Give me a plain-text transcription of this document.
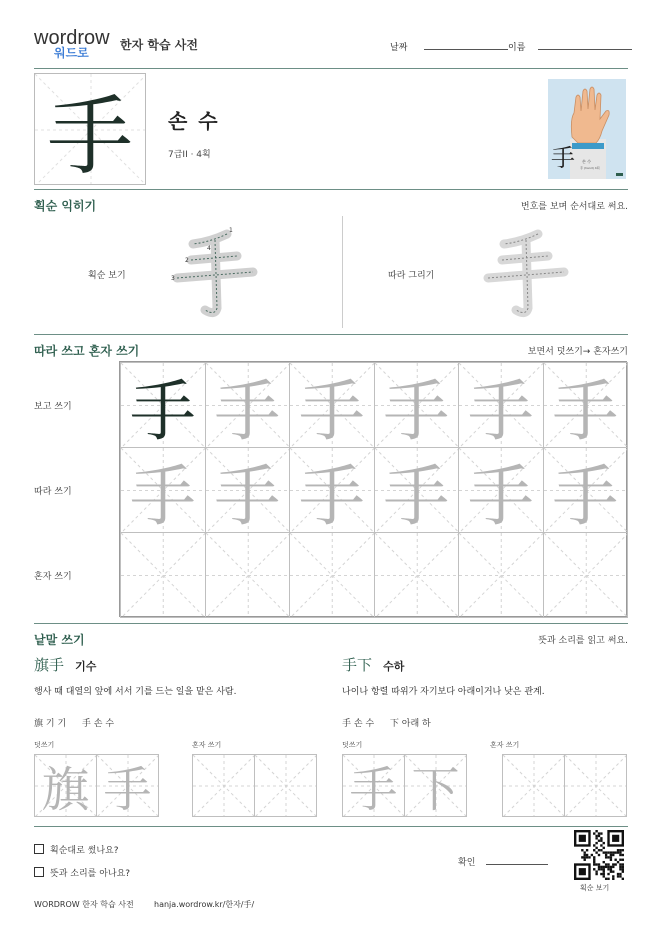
wordrow
워드로
한자 학습 사전	날짜	이름
手	손 수
7급II · 4획	手 손 수
手 (hand) 4획
획순 익히기	번호를 보며 순서대로 써요.
획순 보기
1
2
3
4
따라 그리기
따라 쓰고 혼자 쓰기	보면서 덧쓰기→ 혼자쓰기
보고 쓰기
따라 쓰기
혼자 쓰기
手 手 手 手 手 手
手 手 手 手 手 手
낱말 쓰기	뜻과 소리를 읽고 써요.
旗手 기수
행사 때 대열의 앞에 서서 기를 드는 일을 맡은 사람.
旗 기 기 手 손 수
덧쓰기	혼자 쓰기
手下 수하
나이나 항렬 따위가 자기보다 아래이거나 낮은 관계.
手 손 수 下 아래 하
덧쓰기	혼자 쓰기
旗 手	手 下
획순대로 썼나요?
뜻과 소리를 아나요?
확인
획순 보기
WORDROW 한자 학습 사전	hanja.wordrow.kr/한자/手/
